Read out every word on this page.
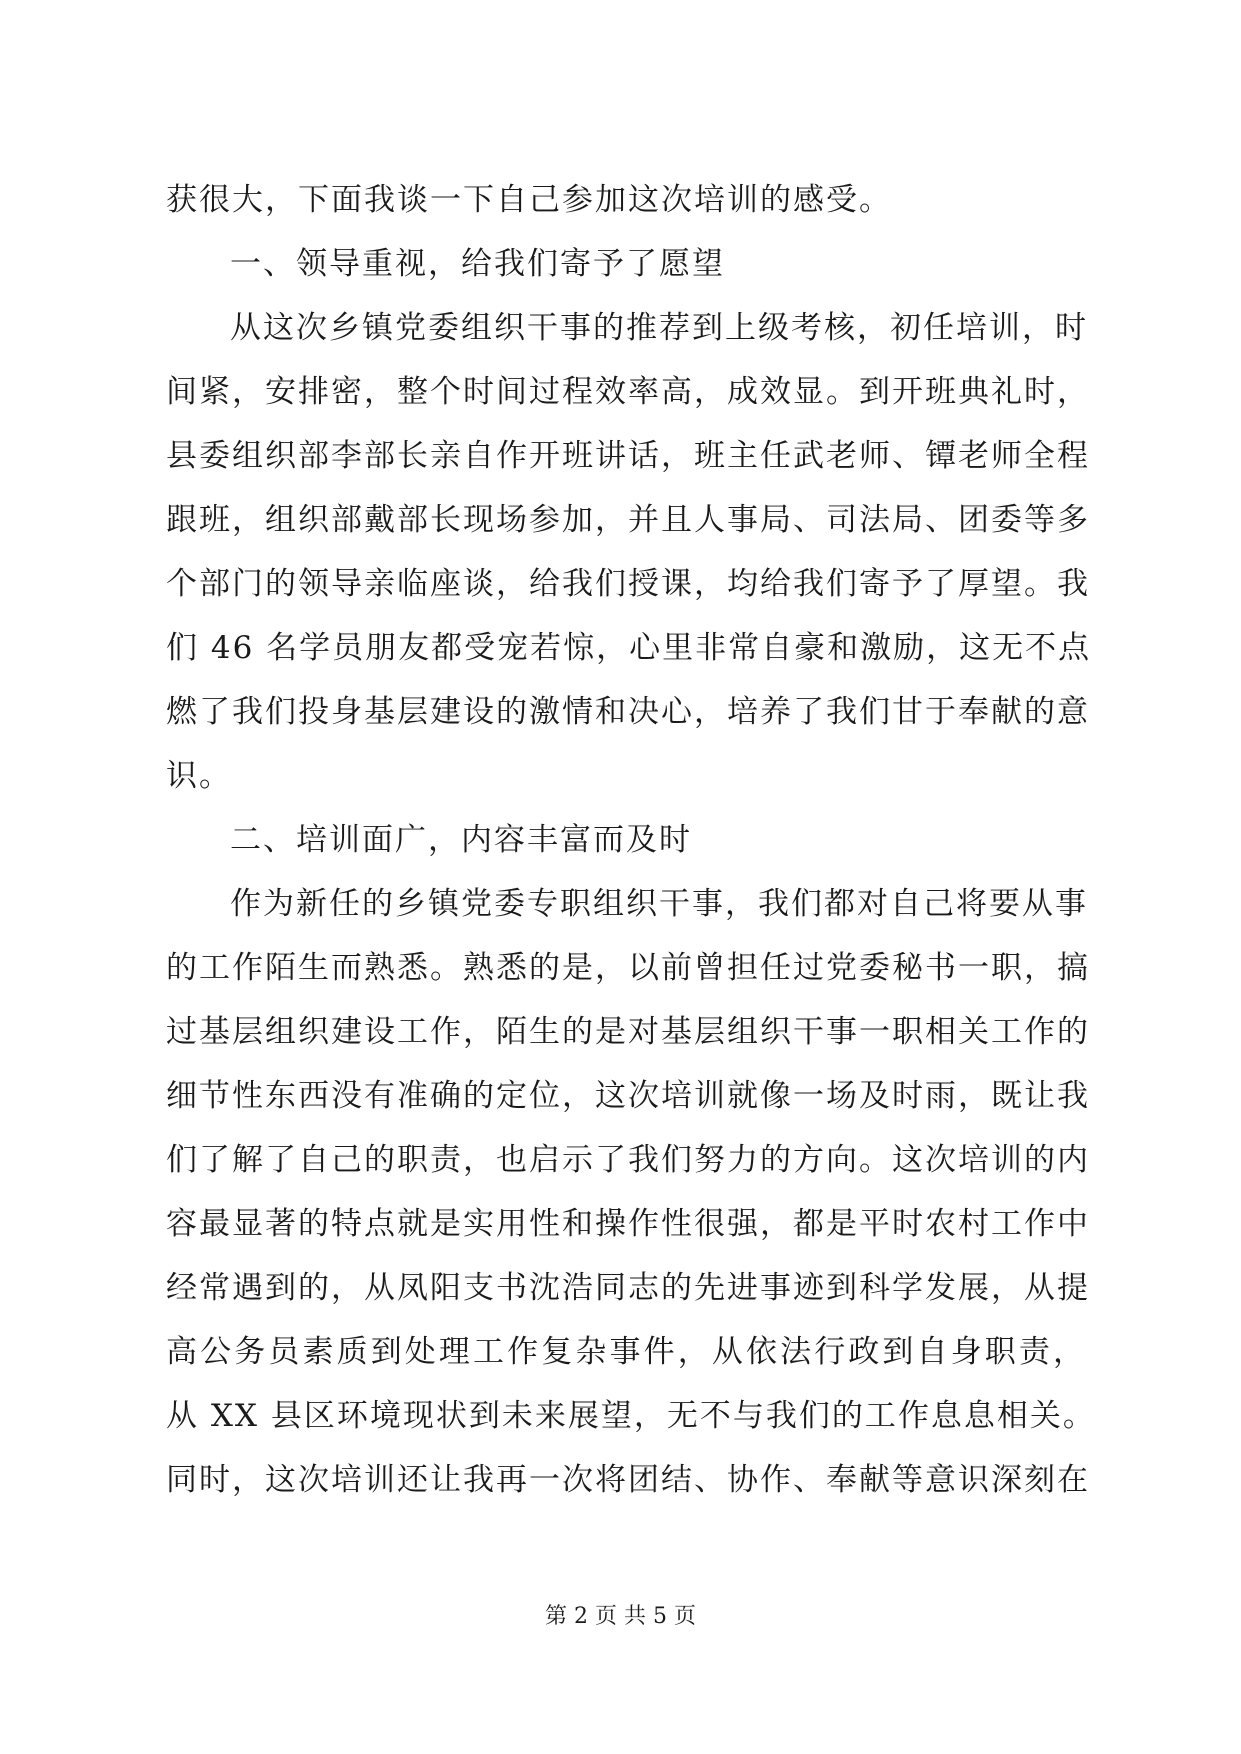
获很大，下面我谈一下自己参加这次培训的感受。
一、领导重视，给我们寄予了愿望
从这次乡镇党委组织干事的推荐到上级考核，初任培训，时
间紧，安排密，整个时间过程效率高，成效显。到开班典礼时，
县委组织部李部长亲自作开班讲话，班主任武老师、镡老师全程
跟班，组织部戴部长现场参加，并且人事局、司法局、团委等多
个部门的领导亲临座谈，给我们授课，均给我们寄予了厚望。我
们 46 名学员朋友都受宠若惊，心里非常自豪和激励，这无不点
燃了我们投身基层建设的激情和决心，培养了我们甘于奉献的意
识。
二、培训面广，内容丰富而及时
作为新任的乡镇党委专职组织干事，我们都对自己将要从事
的工作陌生而熟悉。熟悉的是，以前曾担任过党委秘书一职，搞
过基层组织建设工作，陌生的是对基层组织干事一职相关工作的
细节性东西没有准确的定位，这次培训就像一场及时雨，既让我
们了解了自己的职责，也启示了我们努力的方向。这次培训的内
容最显著的特点就是实用性和操作性很强，都是平时农村工作中
经常遇到的，从凤阳支书沈浩同志的先进事迹到科学发展，从提
高公务员素质到处理工作复杂事件，从依法行政到自身职责，
从 XX 县区环境现状到未来展望，无不与我们的工作息息相关。
同时，这次培训还让我再一次将团结、协作、奉献等意识深刻在
第 2 页 共 5 页
